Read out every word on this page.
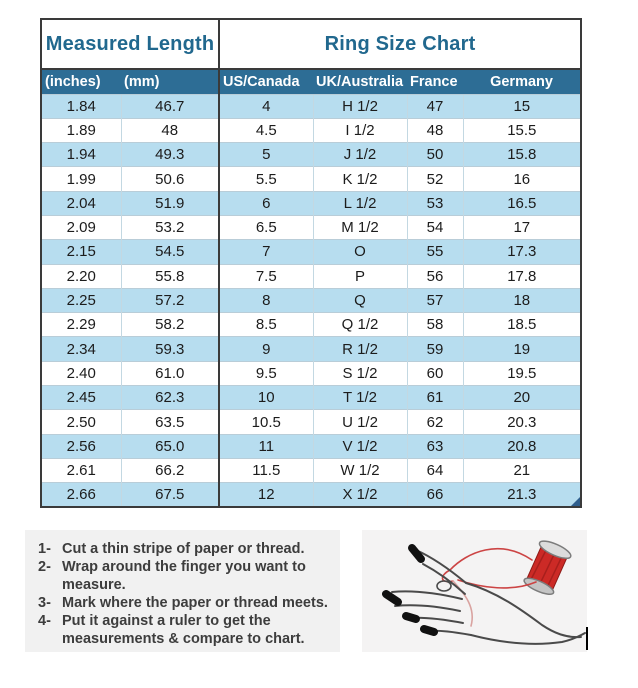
Measured Length		Ring Size Chart			
(inches)	(mm)	US/Canada	UK/Australia	France	Germany
1.84	46.7	4	H 1/2	47	15
1.89	48	4.5	I 1/2	48	15.5
1.94	49.3	5	J 1/2	50	15.8
1.99	50.6	5.5	K 1/2	52	16
2.04	51.9	6	L 1/2	53	16.5
2.09	53.2	6.5	M 1/2	54	17
2.15	54.5	7	O	55	17.3
2.20	55.8	7.5	P	56	17.8
2.25	57.2	8	Q	57	18
2.29	58.2	8.5	Q 1/2	58	18.5
2.34	59.3	9	R 1/2	59	19
2.40	61.0	9.5	S 1/2	60	19.5
2.45	62.3	10	T 1/2	61	20
2.50	63.5	10.5	U 1/2	62	20.3
2.56	65.0	11	V 1/2	63	20.8
2.61	66.2	11.5	W 1/2	64	21
2.66	67.5	12	X 1/2	66	21.3
1- Cut a thin stripe of paper or thread.
2- Wrap around the finger you want to measure.
3- Mark where the paper or thread meets.
4- Put it against a ruler to get the measurements & compare to chart.
